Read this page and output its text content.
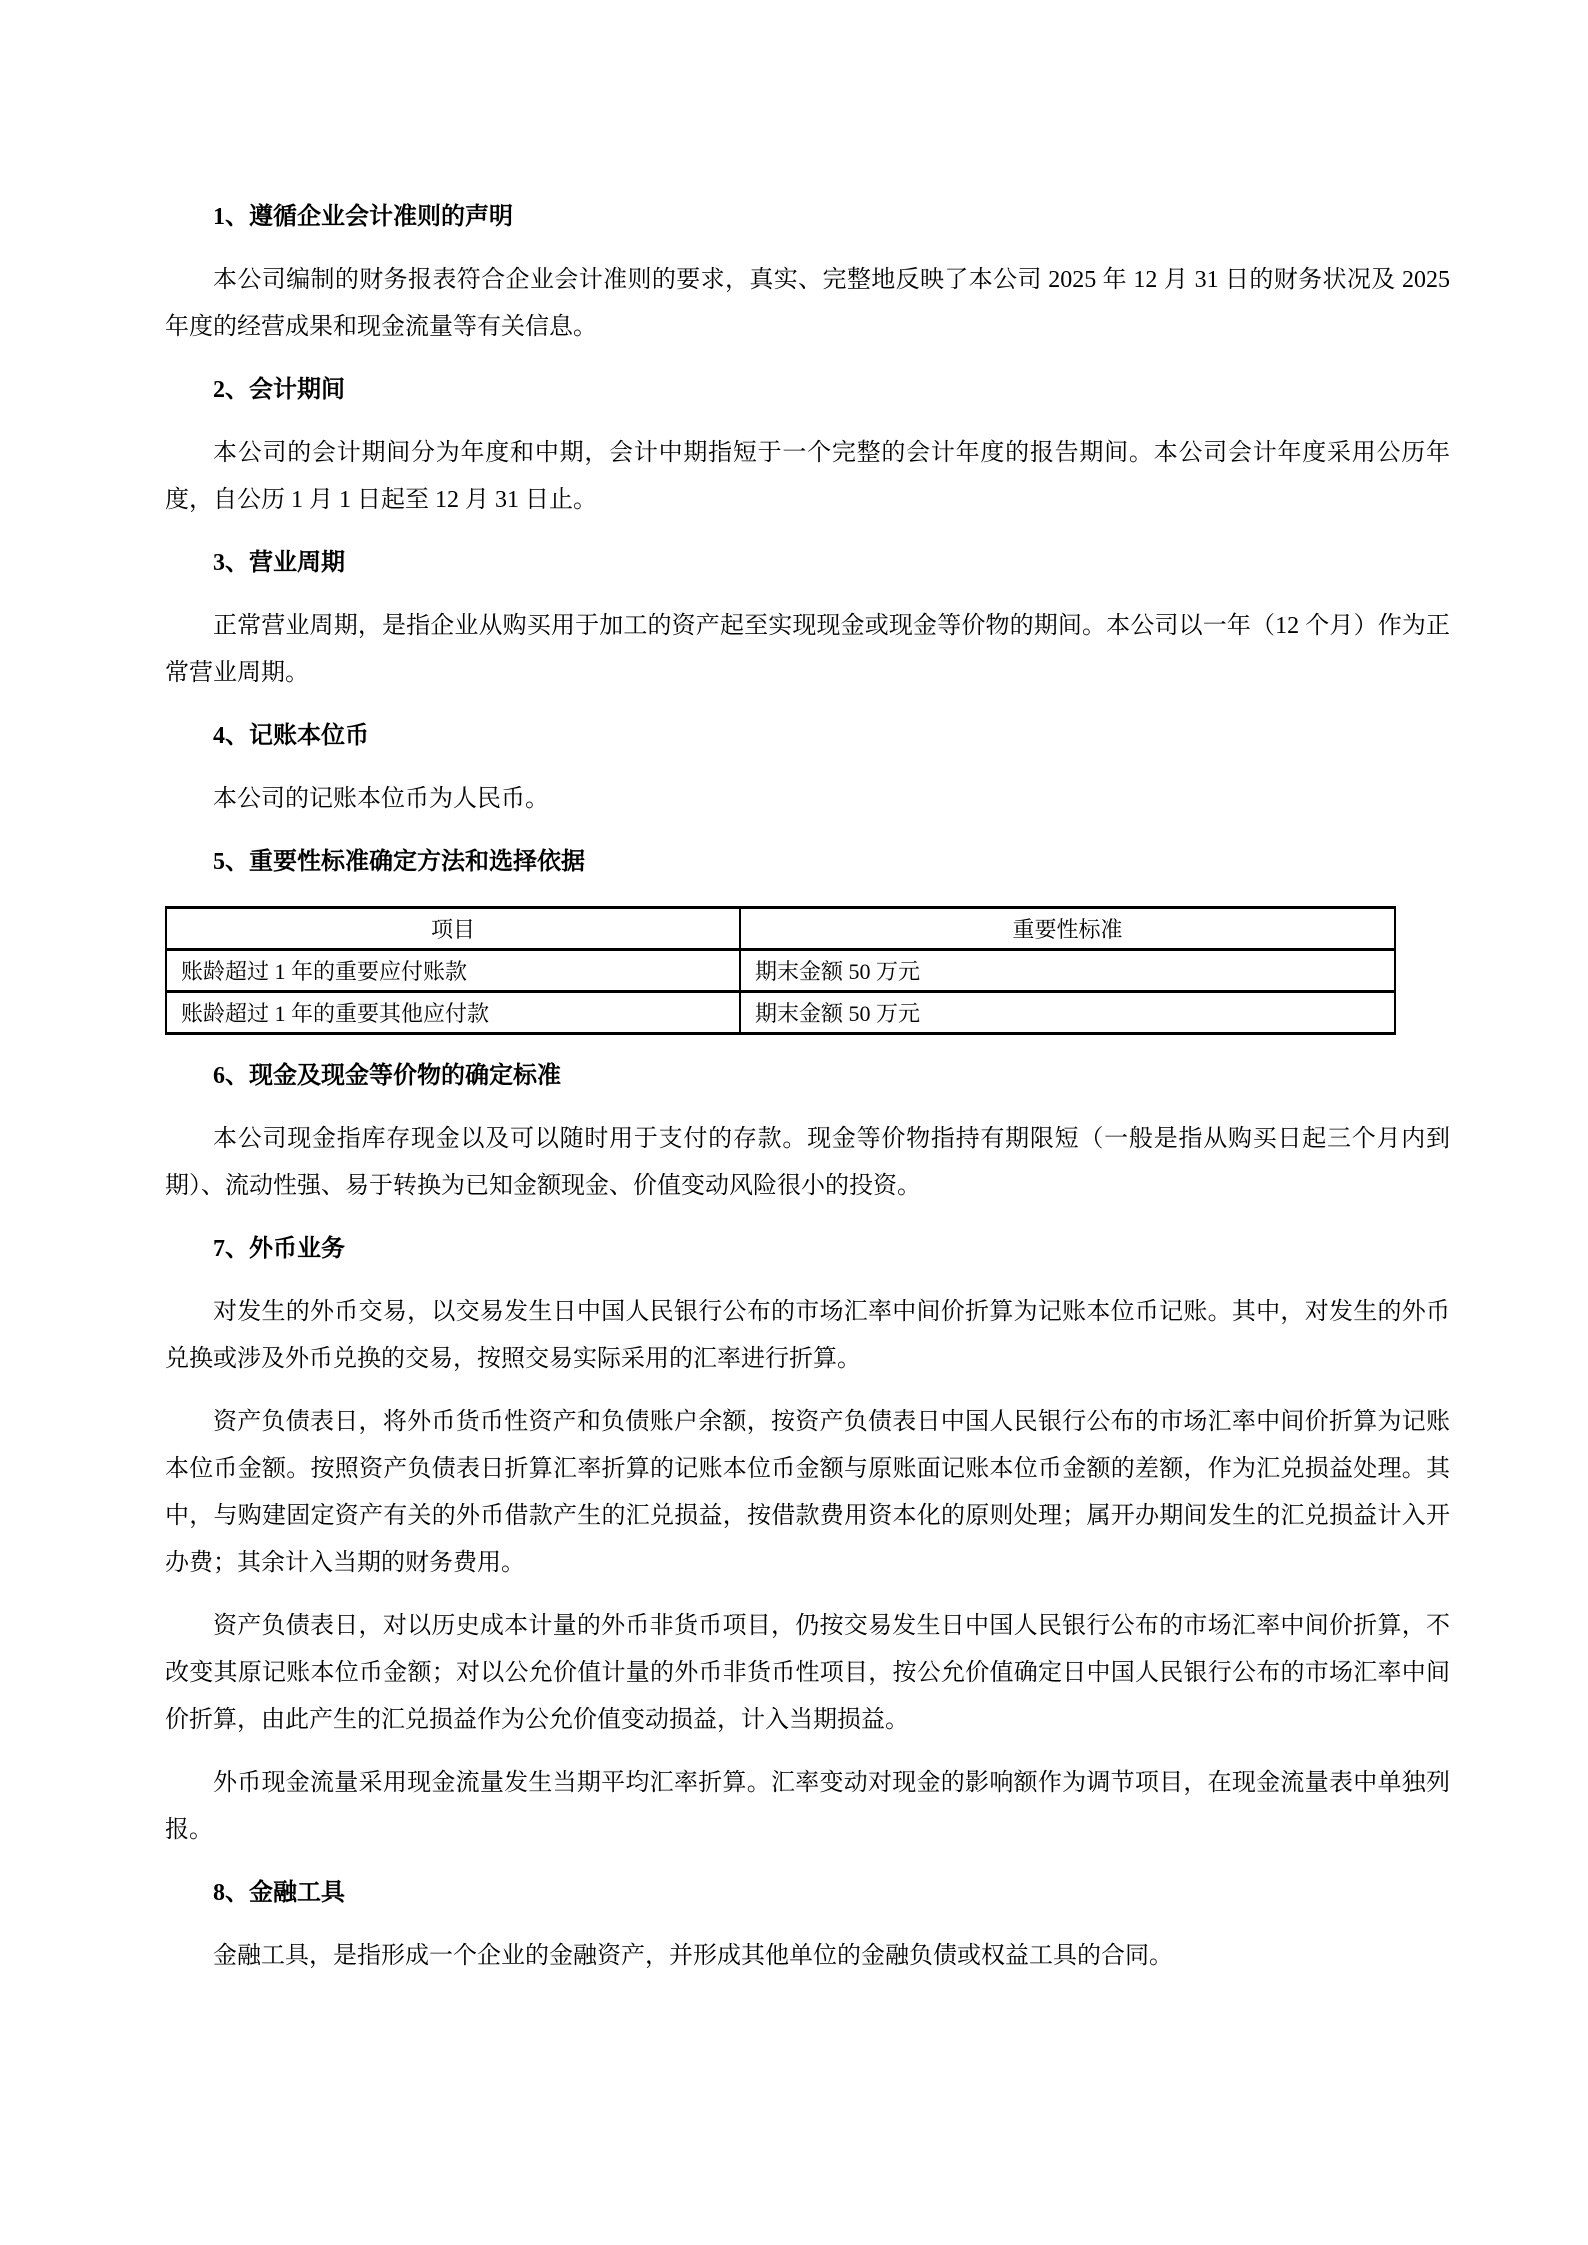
1、遵循企业会计准则的声明

本公司编制的财务报表符合企业会计准则的要求，真实、完整地反映了本公司 2025 年 12 月 31 日的财务状况及 2025 年度的经营成果和现金流量等有关信息。

2、会计期间

本公司的会计期间分为年度和中期，会计中期指短于一个完整的会计年度的报告期间。本公司会计年度采用公历年度，自公历 1 月 1 日起至 12 月 31 日止。

3、营业周期

正常营业周期，是指企业从购买用于加工的资产起至实现现金或现金等价物的期间。本公司以一年（12 个月）作为正常营业周期。

4、记账本位币

本公司的记账本位币为人民币。

5、重要性标准确定方法和选择依据
项目	重要性标准
账龄超过 1 年的重要应付账款	期末金额 50 万元
账龄超过 1 年的重要其他应付款	期末金额 50 万元
6、现金及现金等价物的确定标准

本公司现金指库存现金以及可以随时用于支付的存款。现金等价物指持有期限短（一般是指从购买日起三个月内到期）、流动性强、易于转换为已知金额现金、价值变动风险很小的投资。

7、外币业务

对发生的外币交易，以交易发生日中国人民银行公布的市场汇率中间价折算为记账本位币记账。其中，对发生的外币兑换或涉及外币兑换的交易，按照交易实际采用的汇率进行折算。

资产负债表日，将外币货币性资产和负债账户余额，按资产负债表日中国人民银行公布的市场汇率中间价折算为记账本位币金额。按照资产负债表日折算汇率折算的记账本位币金额与原账面记账本位币金额的差额，作为汇兑损益处理。其中，与购建固定资产有关的外币借款产生的汇兑损益，按借款费用资本化的原则处理；属开办期间发生的汇兑损益计入开办费；其余计入当期的财务费用。

资产负债表日，对以历史成本计量的外币非货币项目，仍按交易发生日中国人民银行公布的市场汇率中间价折算，不改变其原记账本位币金额；对以公允价值计量的外币非货币性项目，按公允价值确定日中国人民银行公布的市场汇率中间价折算，由此产生的汇兑损益作为公允价值变动损益，计入当期损益。

外币现金流量采用现金流量发生当期平均汇率折算。汇率变动对现金的影响额作为调节项目，在现金流量表中单独列报。

8、金融工具

金融工具，是指形成一个企业的金融资产，并形成其他单位的金融负债或权益工具的合同。
